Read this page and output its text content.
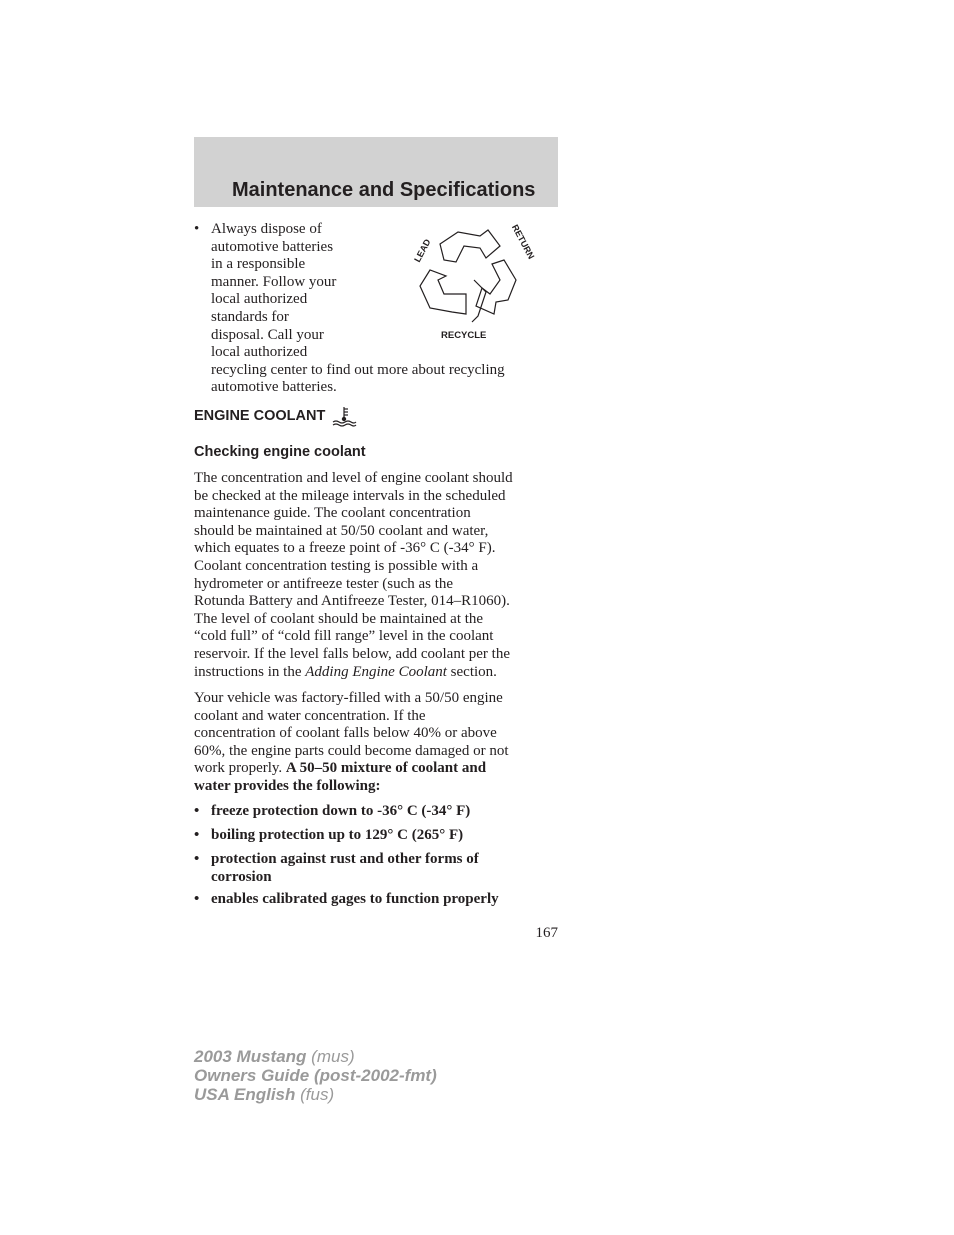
Maintenance and Specifications
• Always dispose of
automotive batteries
in a responsible
manner. Follow your
local authorized
standards for
disposal. Call your
local authorized
recycling center to find out more about recycling
automotive batteries.
LEAD	RETURN
RECYCLE
ENGINE COOLANT
Checking engine coolant
The concentration and level of engine coolant should
be checked at the mileage intervals in the scheduled
maintenance guide. The coolant concentration
should be maintained at 50/50 coolant and water,
which equates to a freeze point of -36° C (-34° F).
Coolant concentration testing is possible with a
hydrometer or antifreeze tester (such as the
Rotunda Battery and Antifreeze Tester, 014–R1060).
The level of coolant should be maintained at the
“cold full” of “cold fill range” level in the coolant
reservoir. If the level falls below, add coolant per the
instructions in the Adding Engine Coolant section.
Your vehicle was factory-filled with a 50/50 engine
coolant and water concentration. If the
concentration of coolant falls below 40% or above
60%, the engine parts could become damaged or not
work properly. A 50–50 mixture of coolant and
water provides the following:
• freeze protection down to -36° C (-34° F)
• boiling protection up to 129° C (265° F)
• protection against rust and other forms of
corrosion
• enables calibrated gages to function properly
167
2003 Mustang (mus)
Owners Guide (post-2002-fmt)
USA English (fus)
